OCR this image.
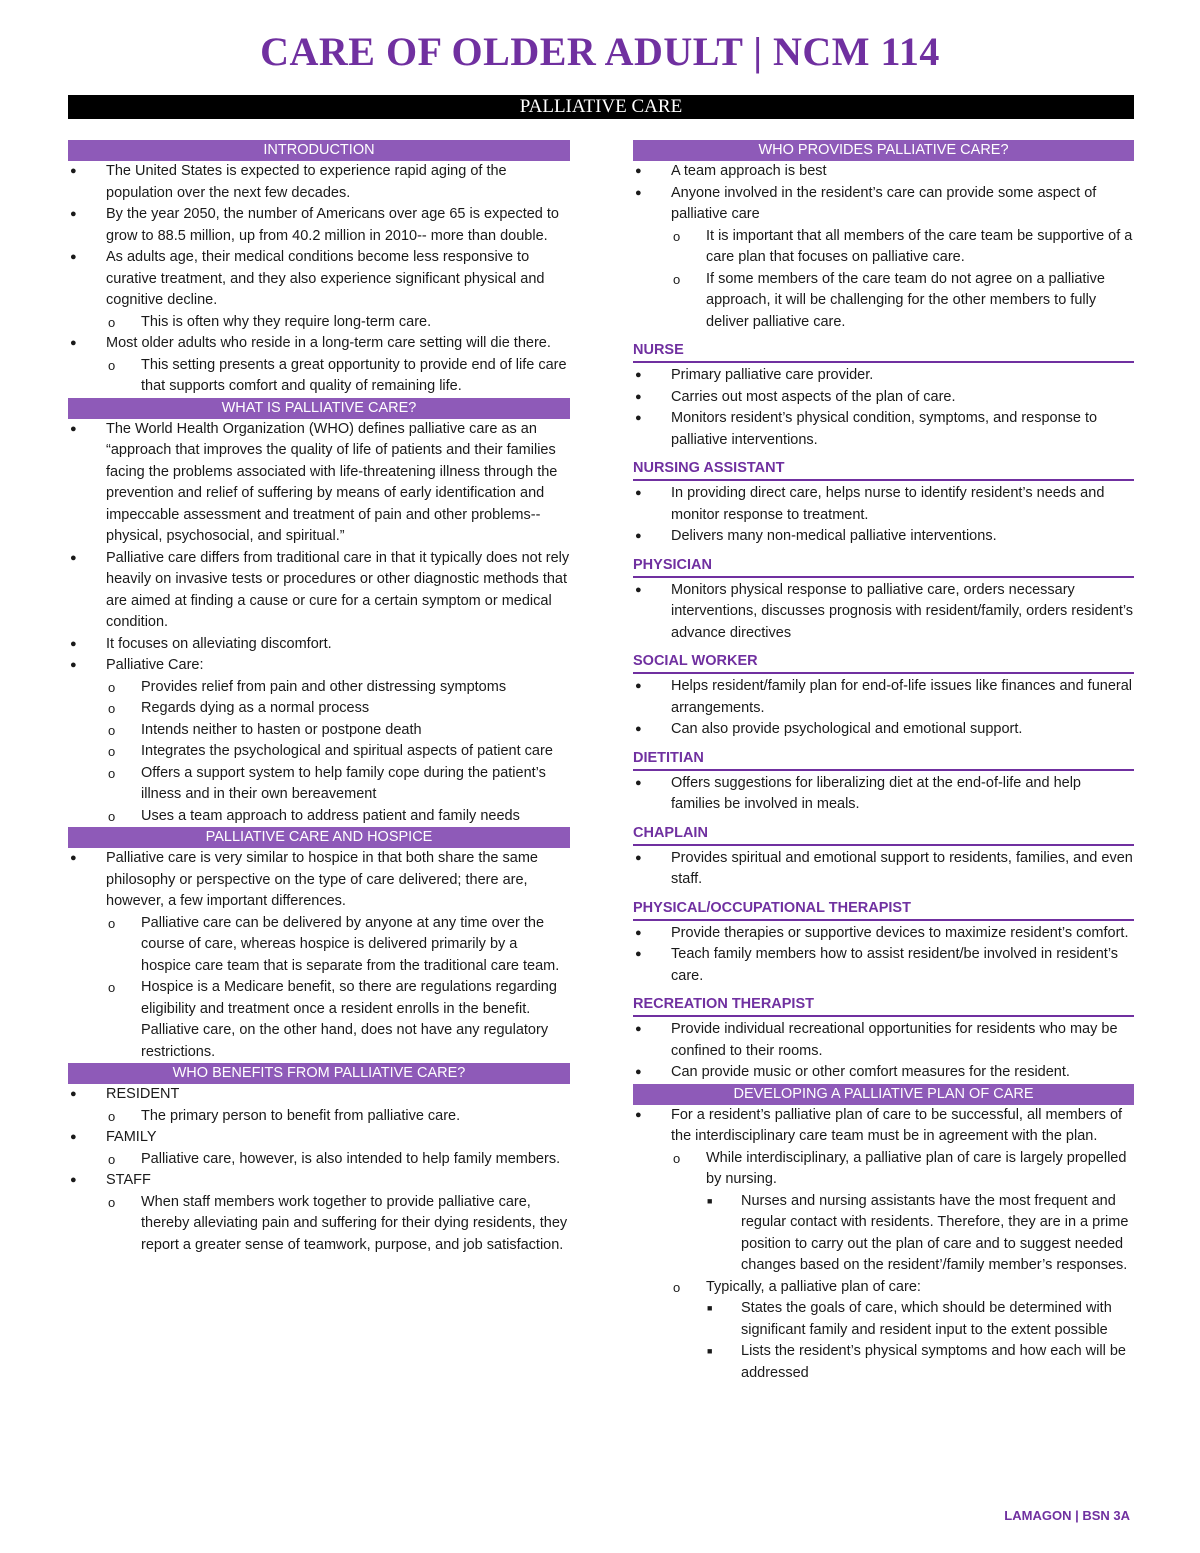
CARE OF OLDER ADULT | NCM 114
PALLIATIVE CARE
INTRODUCTION
● The United States is expected to experience rapid aging of the population over the next few decades.
● By the year 2050, the number of Americans over age 65 is expected to grow to 88.5 million, up from 40.2 million in 2010-- more than double.
● As adults age, their medical conditions become less responsive to curative treatment, and they also experience significant physical and cognitive decline.
o This is often why they require long-term care.
● Most older adults who reside in a long-term care setting will die there.
o This setting presents a great opportunity to provide end of life care that supports comfort and quality of remaining life.
WHAT IS PALLIATIVE CARE?
● The World Health Organization (WHO) defines palliative care as an “approach that improves the quality of life of patients and their families facing the problems associated with life-threatening illness through the prevention and relief of suffering by means of early identification and impeccable assessment and treatment of pain and other problems-- physical, psychosocial, and spiritual.”
● Palliative care differs from traditional care in that it typically does not rely heavily on invasive tests or procedures or other diagnostic methods that are aimed at finding a cause or cure for a certain symptom or medical condition.
● It focuses on alleviating discomfort.
● Palliative Care:
o Provides relief from pain and other distressing symptoms
o Regards dying as a normal process
o Intends neither to hasten or postpone death
o Integrates the psychological and spiritual aspects of patient care
o Offers a support system to help family cope during the patient’s illness and in their own bereavement
o Uses a team approach to address patient and family needs
PALLIATIVE CARE AND HOSPICE
● Palliative care is very similar to hospice in that both share the same philosophy or perspective on the type of care delivered; there are, however, a few important differences.
o Palliative care can be delivered by anyone at any time over the course of care, whereas hospice is delivered primarily by a hospice care team that is separate from the traditional care team.
o Hospice is a Medicare benefit, so there are regulations regarding eligibility and treatment once a resident enrolls in the benefit. Palliative care, on the other hand, does not have any regulatory restrictions.
WHO BENEFITS FROM PALLIATIVE CARE?
● RESIDENT
o The primary person to benefit from palliative care.
● FAMILY
o Palliative care, however, is also intended to help family members.
● STAFF
o When staff members work together to provide palliative care, thereby alleviating pain and suffering for their dying residents, they report a greater sense of teamwork, purpose, and job satisfaction.
WHO PROVIDES PALLIATIVE CARE?
● A team approach is best
● Anyone involved in the resident’s care can provide some aspect of palliative care
o It is important that all members of the care team be supportive of a care plan that focuses on palliative care.
o If some members of the care team do not agree on a palliative approach, it will be challenging for the other members to fully deliver palliative care.
NURSE
● Primary palliative care provider.
● Carries out most aspects of the plan of care.
● Monitors resident’s physical condition, symptoms, and response to palliative interventions.
NURSING ASSISTANT
● In providing direct care, helps nurse to identify resident’s needs and monitor response to treatment.
● Delivers many non-medical palliative interventions.
PHYSICIAN
● Monitors physical response to palliative care, orders necessary interventions, discusses prognosis with resident/family, orders resident’s advance directives
SOCIAL WORKER
● Helps resident/family plan for end-of-life issues like finances and funeral arrangements.
● Can also provide psychological and emotional support.
DIETITIAN
● Offers suggestions for liberalizing diet at the end-of-life and help families be involved in meals.
CHAPLAIN
● Provides spiritual and emotional support to residents, families, and even staff.
PHYSICAL/OCCUPATIONAL THERAPIST
● Provide therapies or supportive devices to maximize resident’s comfort.
● Teach family members how to assist resident/be involved in resident’s care.
RECREATION THERAPIST
● Provide individual recreational opportunities for residents who may be confined to their rooms.
● Can provide music or other comfort measures for the resident.
DEVELOPING A PALLIATIVE PLAN OF CARE
● For a resident’s palliative plan of care to be successful, all members of the interdisciplinary care team must be in agreement with the plan.
o While interdisciplinary, a palliative plan of care is largely propelled by nursing.
■ Nurses and nursing assistants have the most frequent and regular contact with residents. Therefore, they are in a prime position to carry out the plan of care and to suggest needed changes based on the resident’/family member’s responses.
o Typically, a palliative plan of care:
■ States the goals of care, which should be determined with significant family and resident input to the extent possible
■ Lists the resident’s physical symptoms and how each will be addressed
LAMAGON | BSN 3A
